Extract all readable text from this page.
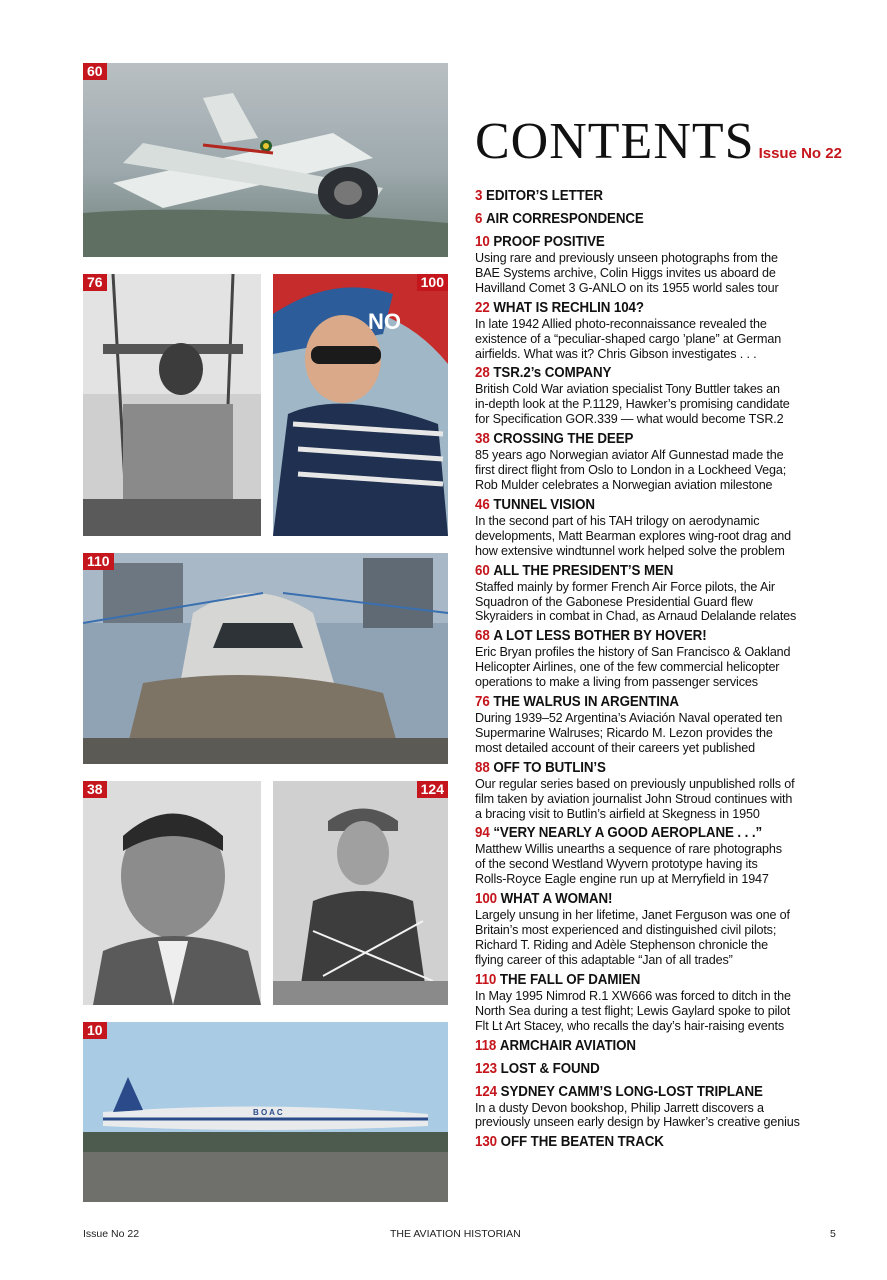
60
76
NO
100
110
38	124
B O A C
10
CONTENTS Issue No 22
3 EDITOR’S LETTER
6 AIR CORRESPONDENCE
10 PROOF POSITIVE
Using rare and previously unseen photographs from the
BAE Systems archive, Colin Higgs invites us aboard de
Havilland Comet 3 G-ANLO on its 1955 world sales tour
22 WHAT IS RECHLIN 104?
In late 1942 Allied photo-reconnaissance revealed the
existence of a “peculiar-shaped cargo ’plane” at German
airfields. What was it? Chris Gibson investigates . . .
28 TSR.2’s COMPANY
British Cold War aviation specialist Tony Buttler takes an
in-depth look at the P.1129, Hawker’s promising candidate
for Specification GOR.339 — what would become TSR.2
38 CROSSING THE DEEP
85 years ago Norwegian aviator Alf Gunnestad made the
first direct flight from Oslo to London in a Lockheed Vega;
Rob Mulder celebrates a Norwegian aviation milestone
46 TUNNEL VISION
In the second part of his TAH trilogy on aerodynamic
developments, Matt Bearman explores wing-root drag and
how extensive windtunnel work helped solve the problem
60 ALL THE PRESIDENT’S MEN
Staffed mainly by former French Air Force pilots, the Air
Squadron of the Gabonese Presidential Guard flew
Skyraiders in combat in Chad, as Arnaud Delalande relates
68 A LOT LESS BOTHER BY HOVER!
Eric Bryan profiles the history of San Francisco & Oakland
Helicopter Airlines, one of the few commercial helicopter
operations to make a living from passenger services
76 THE WALRUS IN ARGENTINA
During 1939–52 Argentina’s Aviación Naval operated ten
Supermarine Walruses; Ricardo M. Lezon provides the
most detailed account of their careers yet published
88 OFF TO BUTLIN’S
Our regular series based on previously unpublished rolls of
film taken by aviation journalist John Stroud continues with
a bracing visit to Butlin’s airfield at Skegness in 1950
94 “VERY NEARLY A GOOD AEROPLANE . . .”
Matthew Willis unearths a sequence of rare photographs
of the second Westland Wyvern prototype having its
Rolls-Royce Eagle engine run up at Merryfield in 1947
100 WHAT A WOMAN!
Largely unsung in her lifetime, Janet Ferguson was one of
Britain’s most experienced and distinguished civil pilots;
Richard T. Riding and Adèle Stephenson chronicle the
flying career of this adaptable “Jan of all trades”
110 THE FALL OF DAMIEN
In May 1995 Nimrod R.1 XW666 was forced to ditch in the
North Sea during a test flight; Lewis Gaylard spoke to pilot
Flt Lt Art Stacey, who recalls the day’s hair-raising events
118 ARMCHAIR AVIATION
123 LOST & FOUND
124 SYDNEY CAMM’S LONG-LOST TRIPLANE
In a dusty Devon bookshop, Philip Jarrett discovers a
previously unseen early design by Hawker’s creative genius
130 OFF THE BEATEN TRACK
Issue No 22	THE AVIATION HISTORIAN	5
